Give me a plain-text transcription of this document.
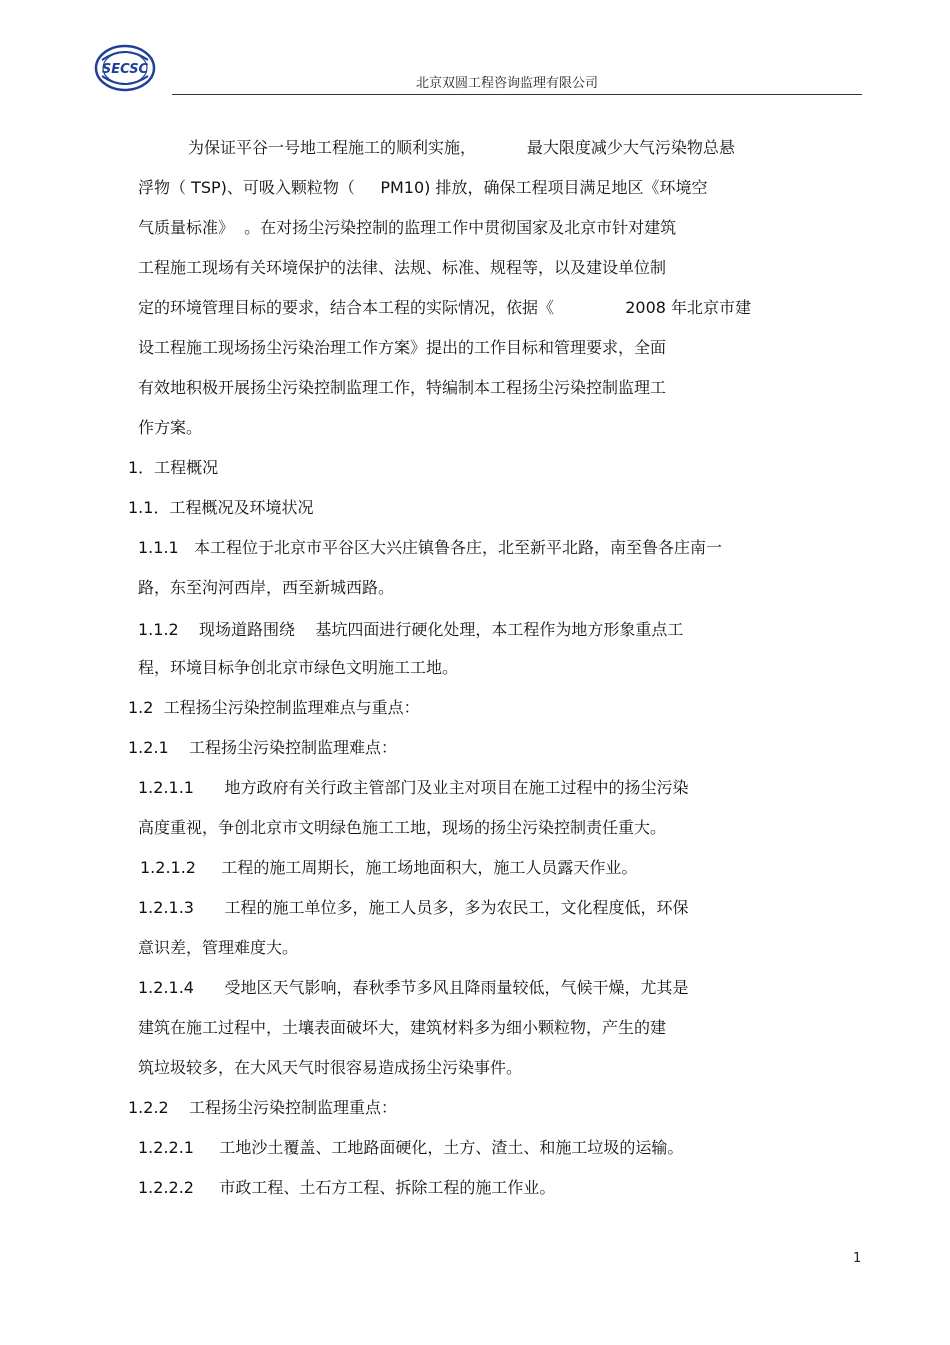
SECSC
北京双圆工程咨询监理有限公司
为保证平谷一号地工程施工的顺利实施，          最大限度减少大气污染物总悬
浮物（ TSP)、可吸入颗粒物（     PM10) 排放，确保工程项目满足地区《环境空
气质量标准》  。在对扬尘污染控制的监理工作中贯彻国家及北京市针对建筑
工程施工现场有关环境保护的法律、法规、标准、规程等，以及建设单位制
定的环境管理目标的要求，结合本工程的实际情况，依据《              2008 年北京市建
设工程施工现场扬尘污染治理工作方案》提出的工作目标和管理要求，全面
有效地积极开展扬尘污染控制监理工作，特编制本工程扬尘污染控制监理工
作方案。
1．工程概况
1.1．工程概况及环境状况
1.1.1   本工程位于北京市平谷区大兴庄镇鲁各庄，北至新平北路，南至鲁各庄南一
路，东至泃河西岸，西至新城西路。
1.1.2    现场道路围绕    基坑四面进行硬化处理，本工程作为地方形象重点工
程，环境目标争创北京市绿色文明施工工地。
1.2  工程扬尘污染控制监理难点与重点：
1.2.1    工程扬尘污染控制监理难点：
1.2.1.1      地方政府有关行政主管部门及业主对项目在施工过程中的扬尘污染
高度重视，争创北京市文明绿色施工工地，现场的扬尘污染控制责任重大。
1.2.1.2     工程的施工周期长，施工场地面积大，施工人员露天作业。
1.2.1.3      工程的施工单位多，施工人员多，多为农民工，文化程度低，环保
意识差，管理难度大。
1.2.1.4      受地区天气影响，春秋季节多风且降雨量较低，气候干燥，尤其是
建筑在施工过程中，土壤表面破坏大，建筑材料多为细小颗粒物，产生的建
筑垃圾较多，在大风天气时很容易造成扬尘污染事件。
1.2.2    工程扬尘污染控制监理重点：
1.2.2.1     工地沙土覆盖、工地路面硬化，土方、渣土、和施工垃圾的运输。
1.2.2.2     市政工程、土石方工程、拆除工程的施工作业。
1
